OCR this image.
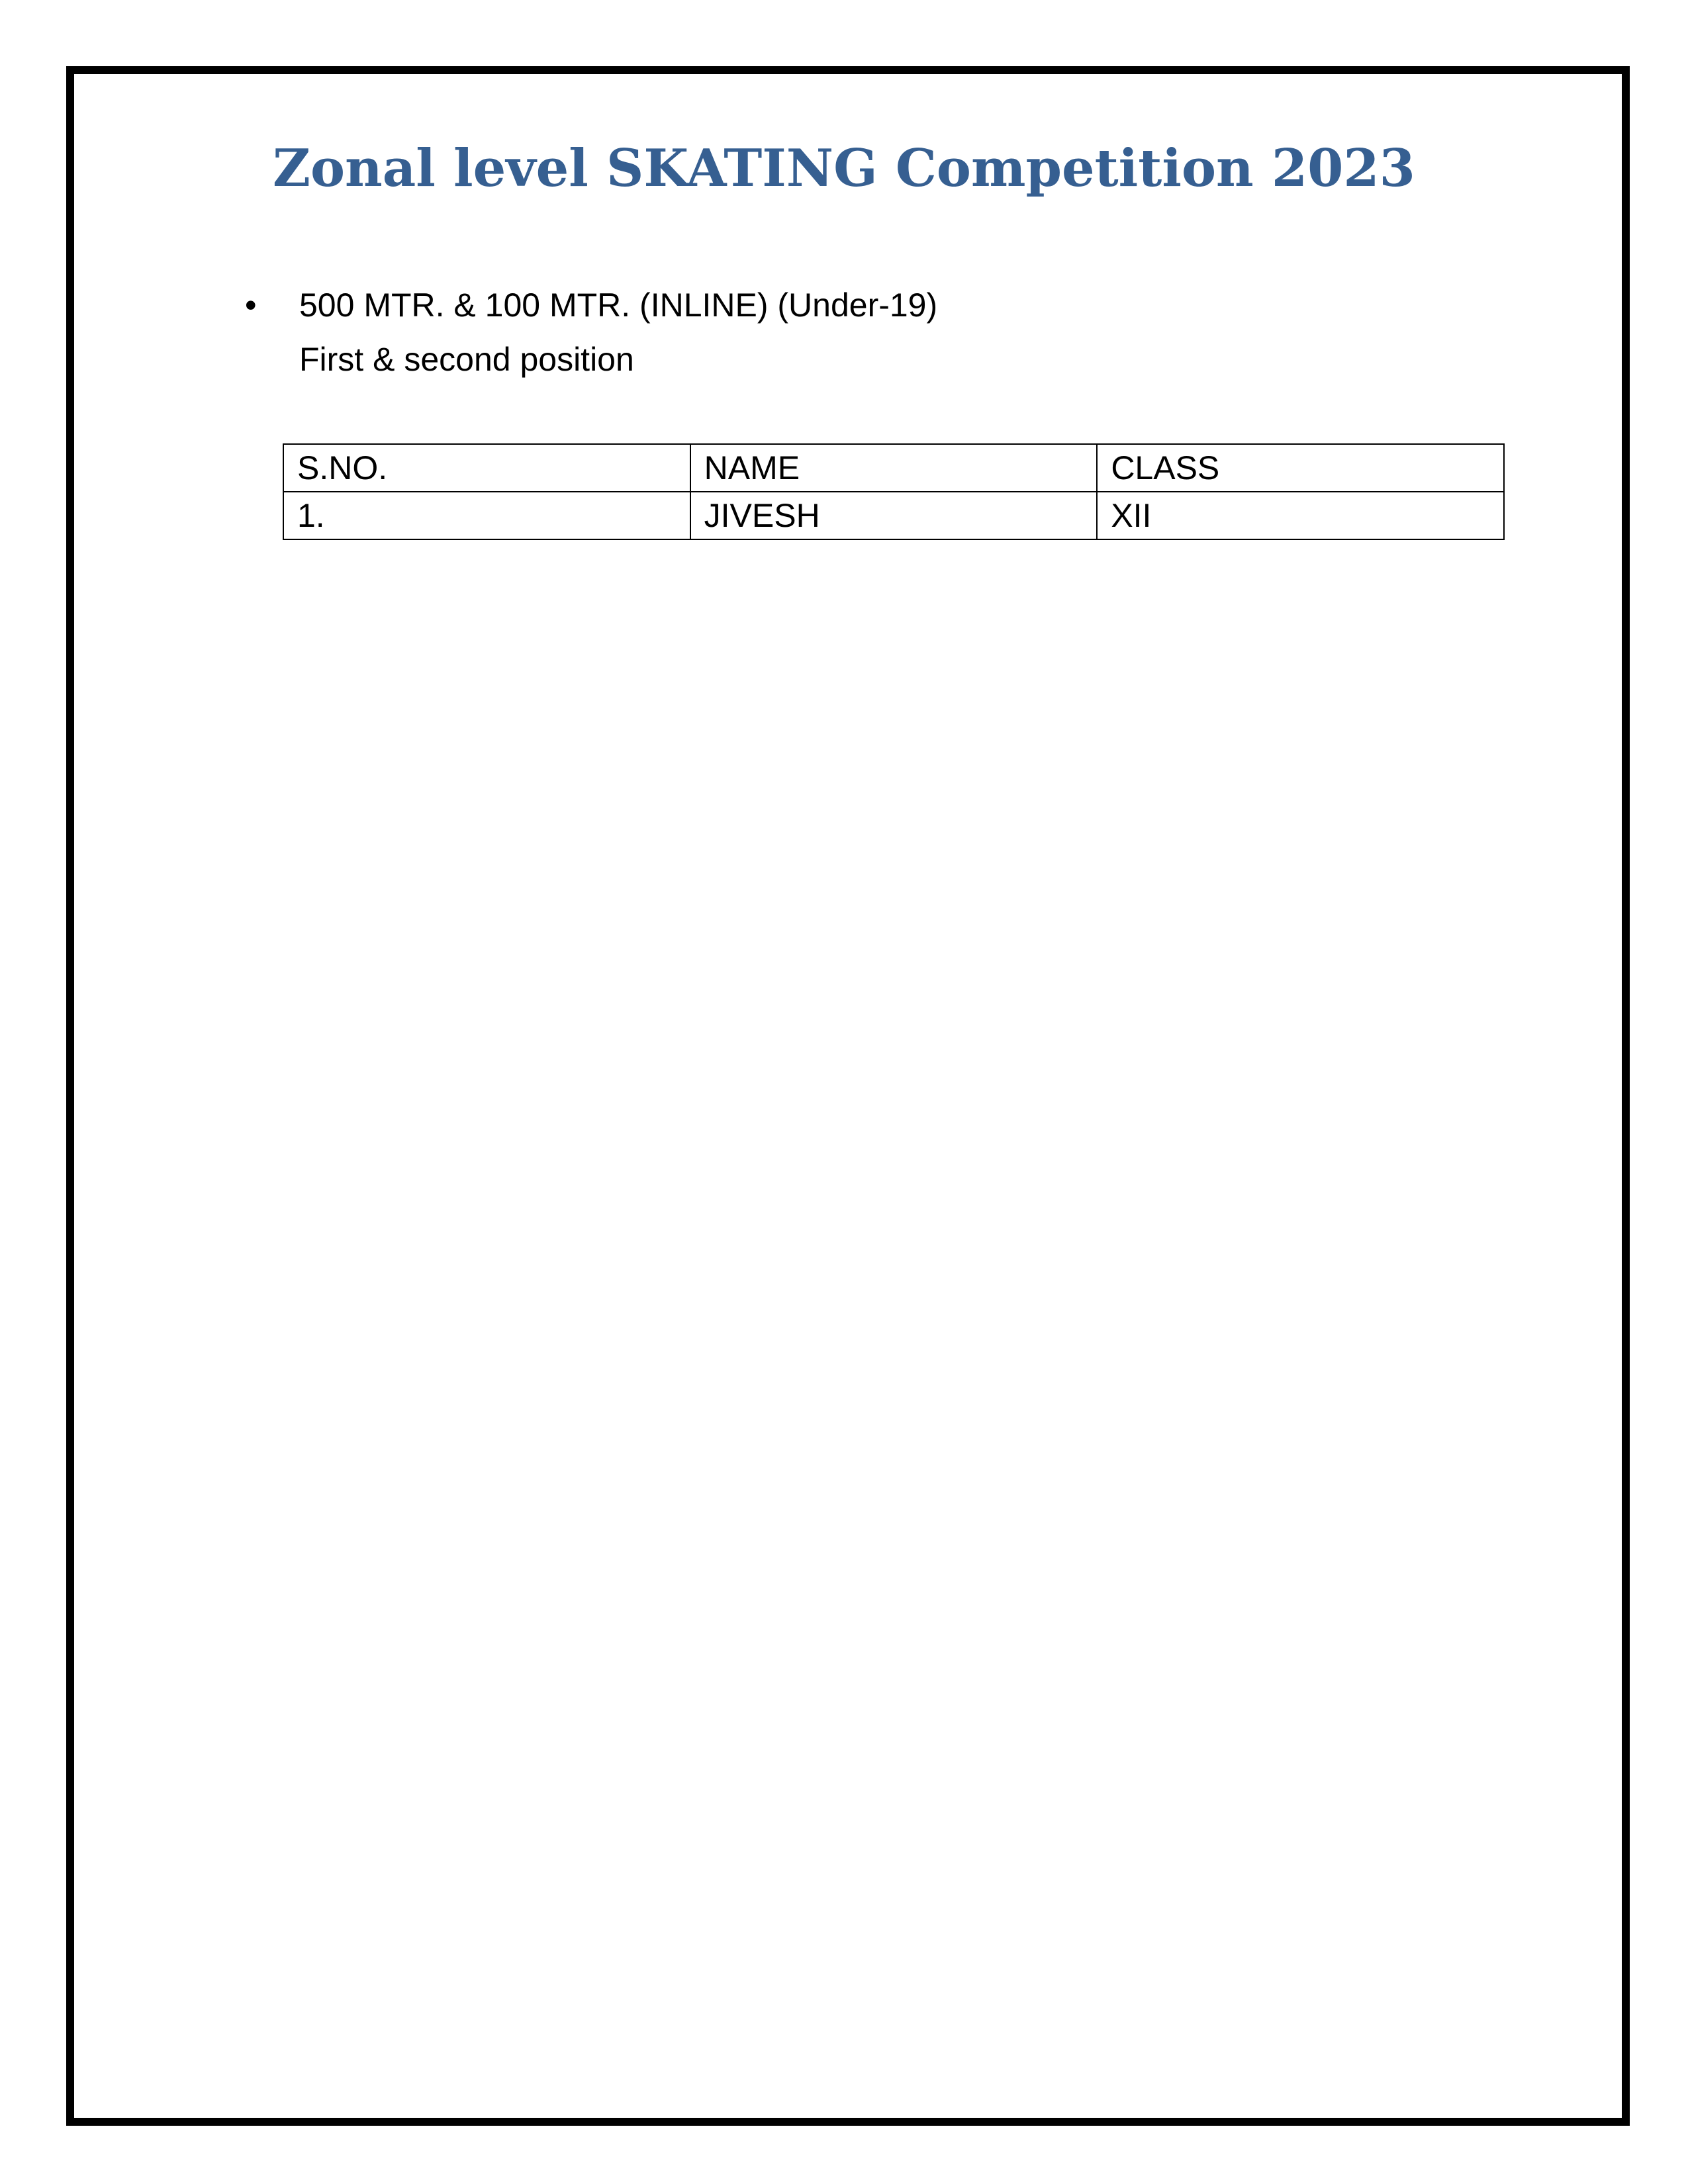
Zonal level SKATING Competition 2023
•	500 MTR. & 100 MTR. (INLINE) (Under-19)
First & second position
S.NO.	NAME	CLASS
1.	JIVESH	XII
